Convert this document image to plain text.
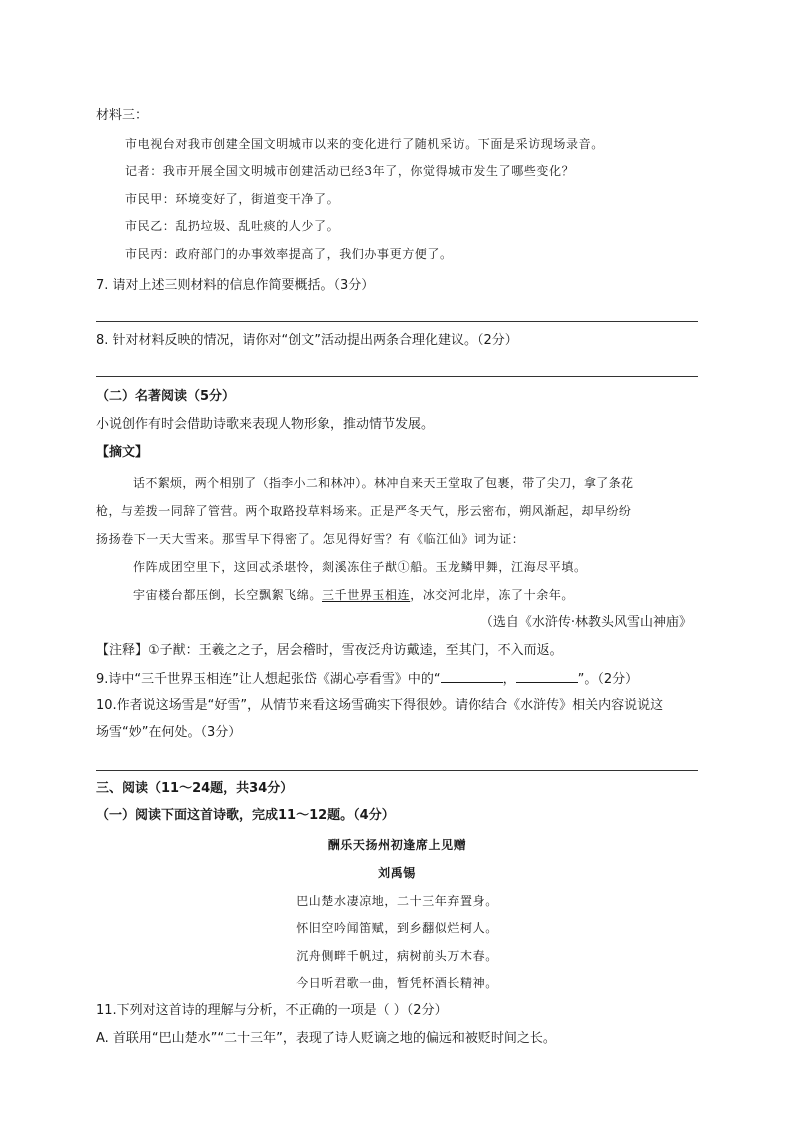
材料三：
市电视台对我市创建全国文明城市以来的变化进行了随机采访。下面是采访现场录音。
记者：我市开展全国文明城市创建活动已经3年了，你觉得城市发生了哪些变化？
市民甲：环境变好了，街道变干净了。
市民乙：乱扔垃圾、乱吐痰的人少了。
市民丙：政府部门的办事效率提高了，我们办事更方便了。
7. 请对上述三则材料的信息作简要概括。（3分）
8. 针对材料反映的情况，请你对“创文”活动提出两条合理化建议。（2分）
（二）名著阅读（5分）
小说创作有时会借助诗歌来表现人物形象，推动情节发展。
【摘文】
话不絮烦，两个相别了（指李小二和林冲）。林冲自来天王堂取了包裹，带了尖刀，拿了条花
枪，与差拨一同辞了管营。两个取路投草料场来。正是严冬天气，彤云密布，朔风渐起，却早纷纷
扬扬卷下一天大雪来。那雪早下得密了。怎见得好雪？有《临江仙》词为证：
作阵成团空里下，这回忒杀堪怜，剡溪冻住子猷①船。玉龙鳞甲舞，江海尽平填。
宇宙楼台都压倒，长空飘絮飞绵。三千世界玉相连，冰交河北岸，冻了十余年。
（选自《水浒传·林教头风雪山神庙》
【注释】①子猷：王羲之之子，居会稽时，雪夜泛舟访戴逵，至其门，不入而返。
9.诗中“三千世界玉相连”让人想起张岱《湖心亭看雪》中的“	，	”。（2分）
10.作者说这场雪是“好雪”，从情节来看这场雪确实下得很妙。请你结合《水浒传》相关内容说说这
场雪“妙”在何处。（3分）
三、阅读（11～24题，共34分）
（一）阅读下面这首诗歌，完成11～12题。（4分）
酬乐天扬州初逢席上见赠
刘禹锡
巴山楚水凄凉地，二十三年弃置身。
怀旧空吟闻笛赋，到乡翻似烂柯人。
沉舟侧畔千帆过，病树前头万木春。
今日听君歌一曲，暂凭杯酒长精神。
11.下列对这首诗的理解与分析，不正确的一项是（ ）（2分）
A. 首联用“巴山楚水”“二十三年”，表现了诗人贬谪之地的偏远和被贬时间之长。
